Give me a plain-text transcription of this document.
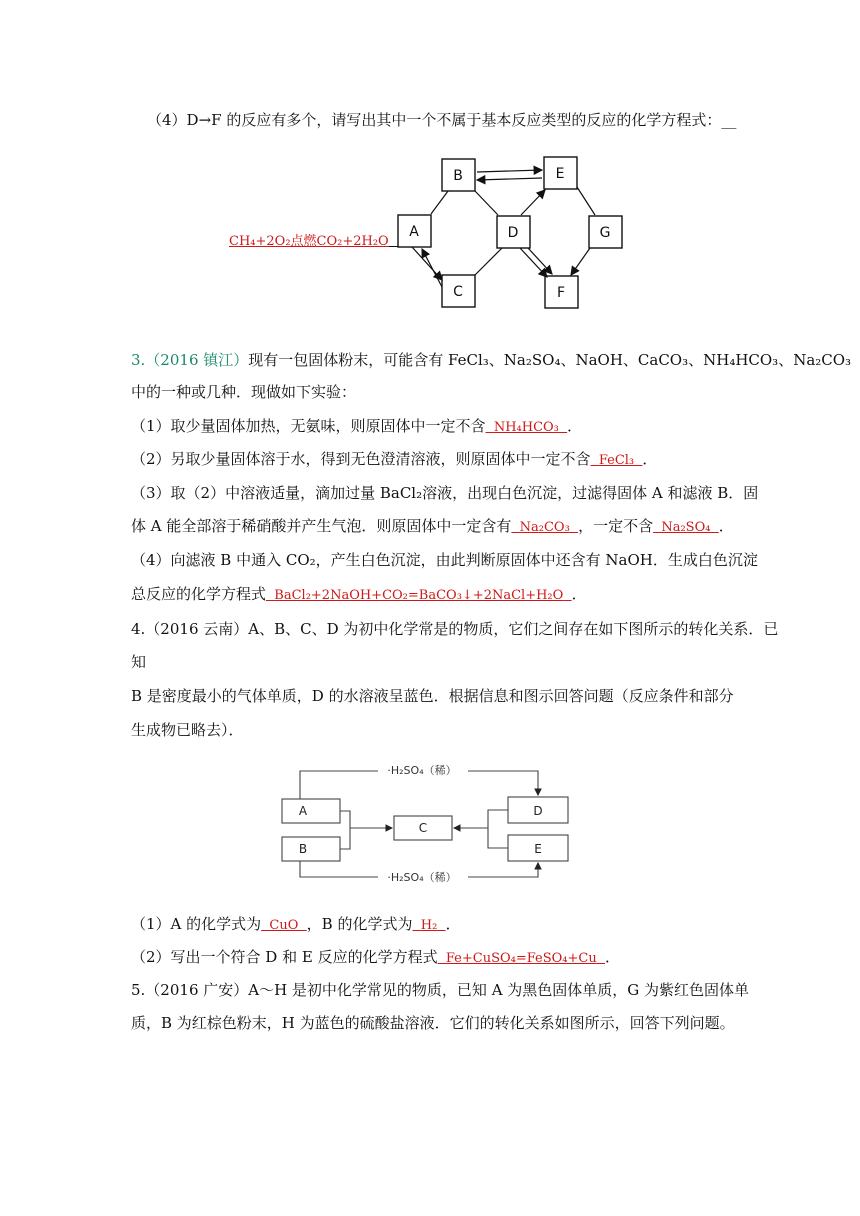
（4）D→F 的反应有多个，请写出其中一个不属于基本反应类型的反应的化学方程式：__
CH₄+2O₂点燃CO₂+2H₂O
B	E
A	D	G
C	F
3.（2016 镇江）现有一包固体粉末，可能含有 FeCl₃、Na₂SO₄、NaOH、CaCO₃、NH₄HCO₃、Na₂CO₃
中的一种或几种．现做如下实验：
（1）取少量固体加热，无氨味，则原固体中一定不含 NH₄HCO₃ ．
（2）另取少量固体溶于水，得到无色澄清溶液，则原固体中一定不含 FeCl₃ ．
（3）取（2）中溶液适量，滴加过量 BaCl₂溶液，出现白色沉淀，过滤得固体 A 和滤液 B．固
体 A 能全部溶于稀硝酸并产生气泡．则原固体中一定含有 Na₂CO₃ ，一定不含 Na₂SO₄ ．
（4）向滤液 B 中通入 CO₂，产生白色沉淀，由此判断原固体中还含有 NaOH．生成白色沉淀
总反应的化学方程式 BaCl₂+2NaOH+CO₂=BaCO₃↓+2NaCl+H₂O ．
4.（2016 云南）A、B、C、D 为初中化学常是的物质，它们之间存在如下图所示的转化关系．已
知
B 是密度最小的气体单质，D 的水溶液呈蓝色．根据信息和图示回答问题（反应条件和部分
生成物已略去）．
·H₂SO₄（稀）
·H₂SO₄（稀）
A
B
C
D
E
（1）A 的化学式为 CuO ，B 的化学式为 H₂ ．
（2）写出一个符合 D 和 E 反应的化学方程式 Fe+CuSO₄=FeSO₄+Cu ．
5.（2016 广安）A～H 是初中化学常见的物质，已知 A 为黑色固体单质，G 为紫红色固体单
质，B 为红棕色粉末，H 为蓝色的硫酸盐溶液．它们的转化关系如图所示，回答下列问题。
